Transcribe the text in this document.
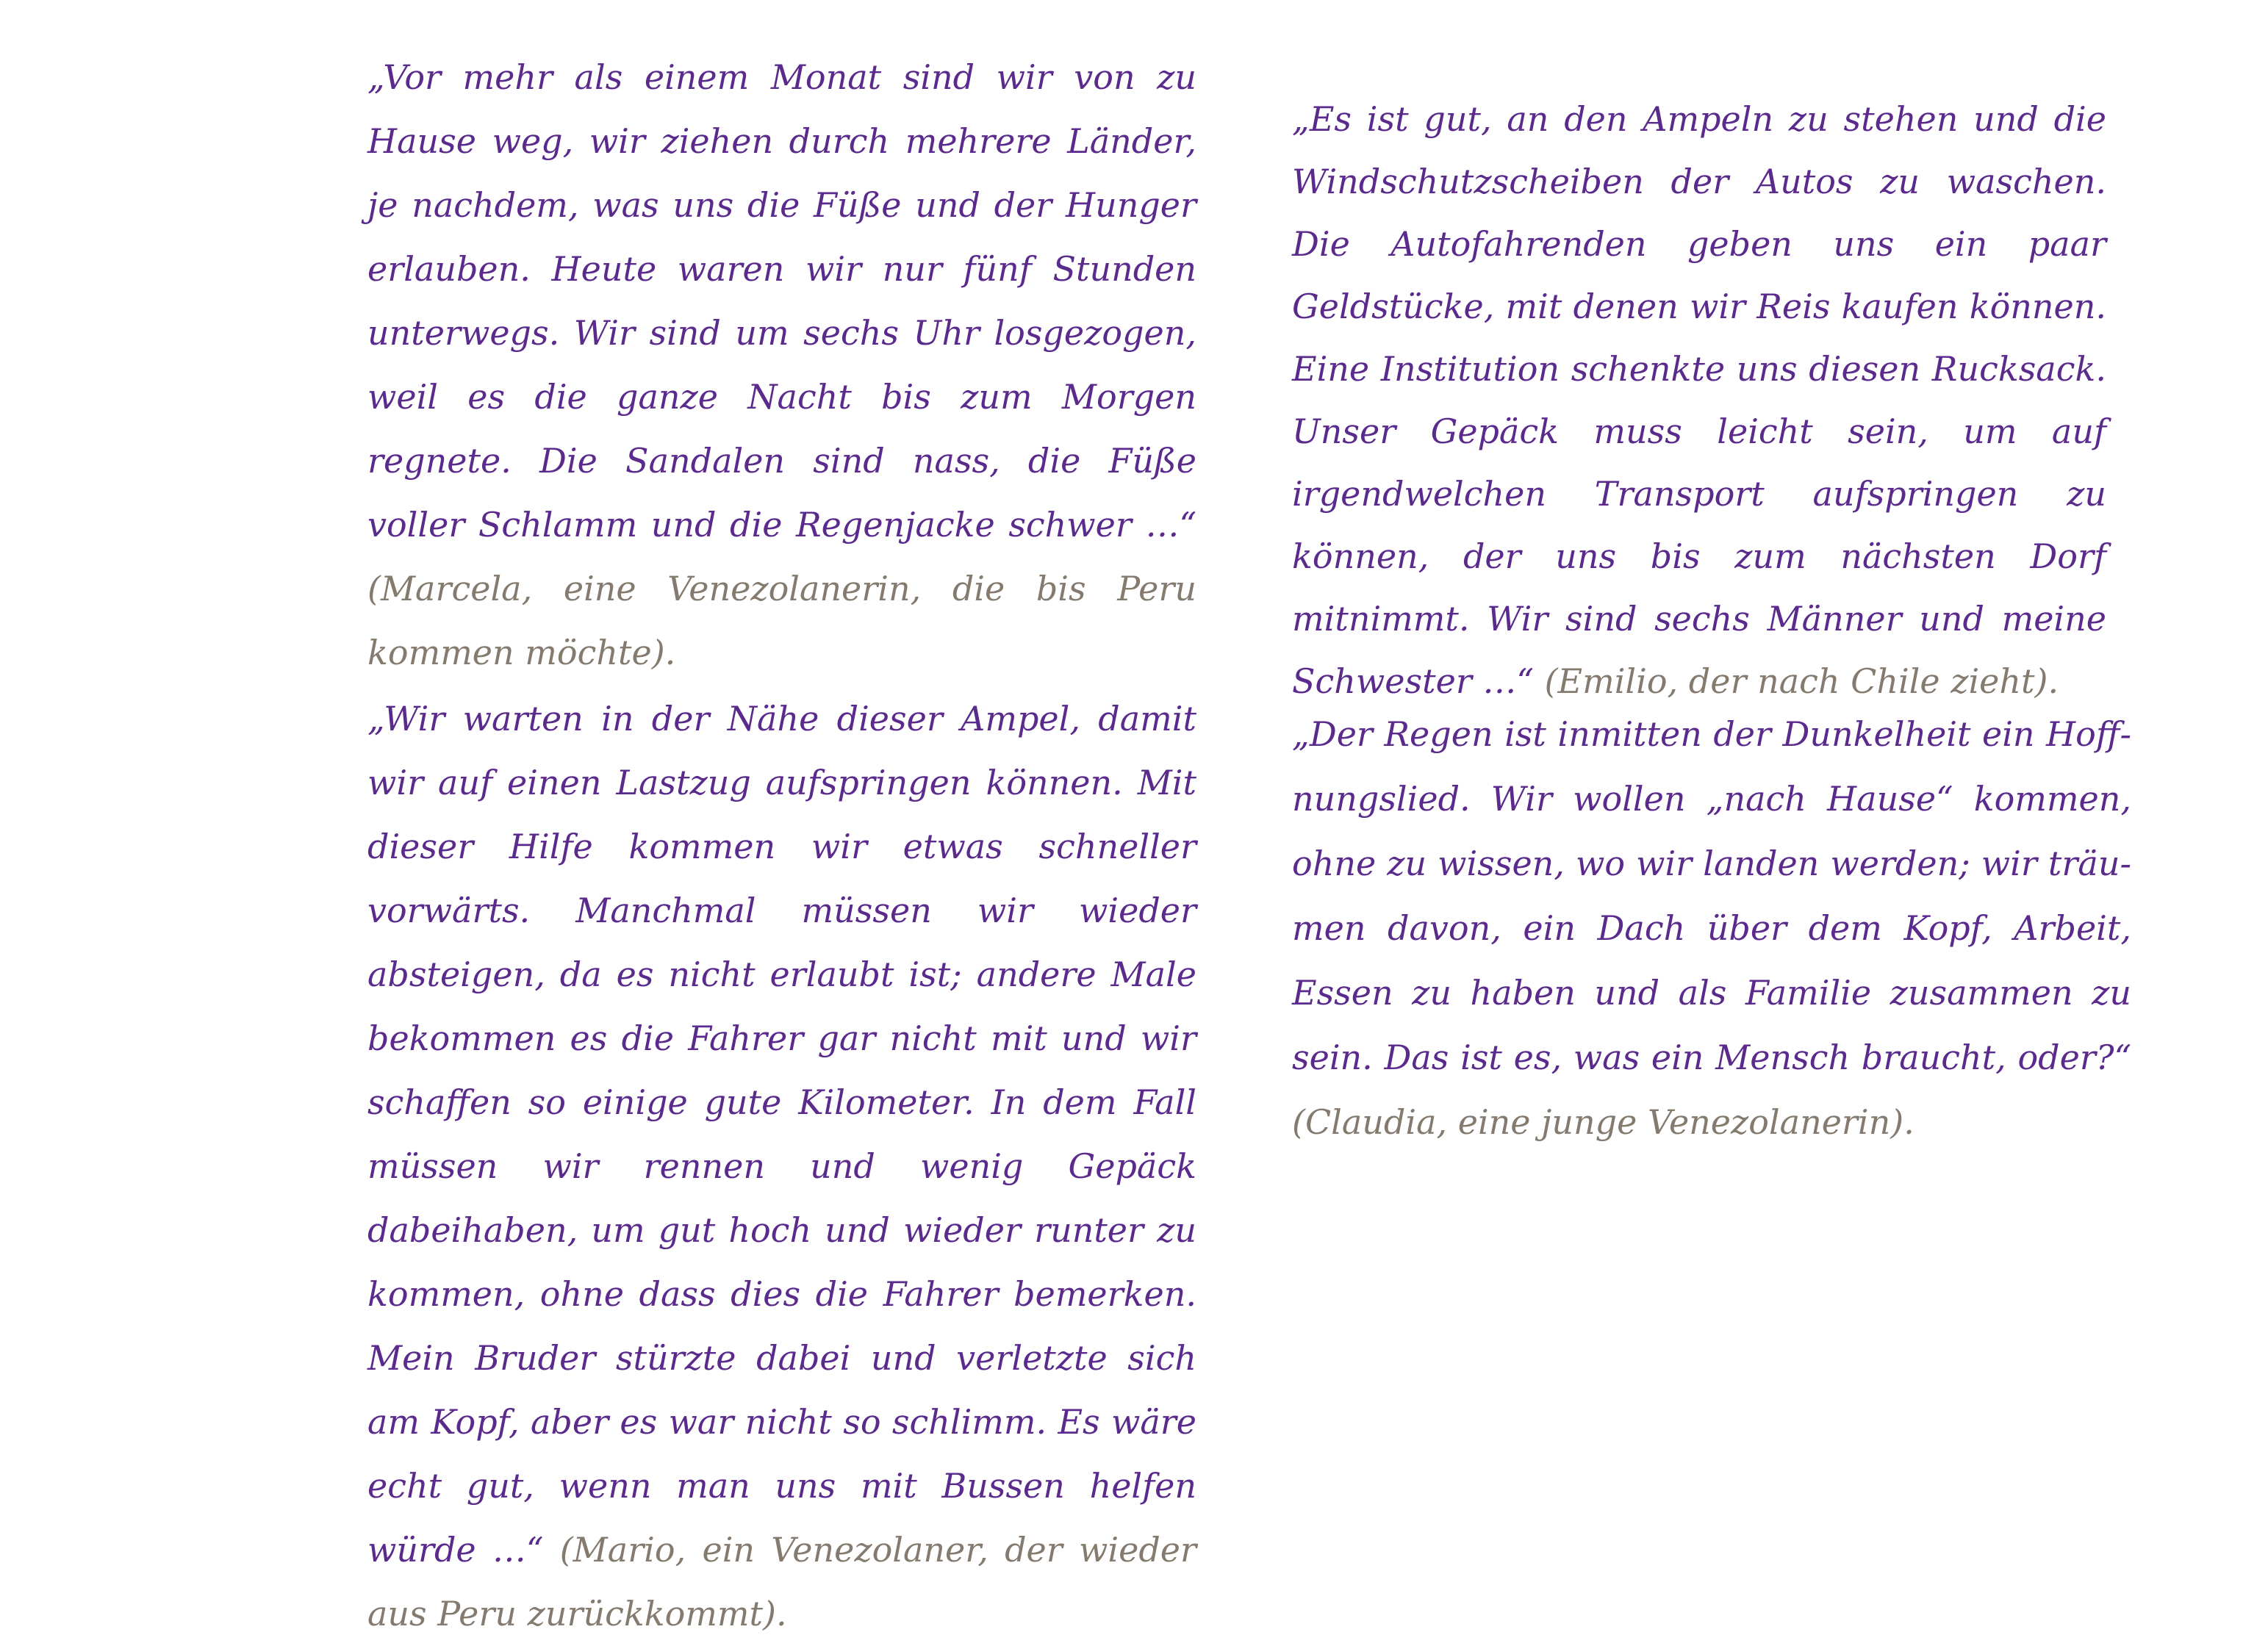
„Vor mehr als einem Monat sind wir von zu Hause weg, wir ziehen durch mehrere Länder, je nachdem, was uns die Füße und der Hunger erlauben. Heute waren wir nur fünf Stunden unterwegs. Wir sind um sechs Uhr losgezogen, weil es die ganze Nacht bis zum Morgen regnete. Die Sandalen sind nass, die Füße voller Schlamm und die Regenjacke schwer …“ (Marcela, eine Venezolanerin, die bis Peru kommen möchte).

„Wir warten in der Nähe dieser Ampel, damit wir auf einen Lastzug aufspringen können. Mit dieser Hilfe kommen wir etwas schneller vorwärts. Manchmal müssen wir wieder absteigen, da es nicht erlaubt ist; andere Male bekommen es die Fahrer gar nicht mit und wir schaffen so einige gute Kilometer. In dem Fall müssen wir rennen und wenig Gepäck dabeihaben, um gut hoch und wieder runter zu kommen, ohne dass dies die Fahrer bemerken. Mein Bruder stürzte dabei und verletzte sich am Kopf, aber es war nicht so schlimm. Es wäre echt gut, wenn man uns mit Bussen helfen würde …“ (Mario, ein Venezolaner, der wieder aus Peru zurückkommt).

„Es ist gut, an den Ampeln zu stehen und die Windschutzscheiben der Autos zu waschen. Die Autofahrenden geben uns ein paar Geldstücke, mit denen wir Reis kaufen können. Eine Institution schenkte uns diesen Rucksack. Unser Gepäck muss leicht sein, um auf irgendwelchen Transport aufspringen zu können, der uns bis zum nächsten Dorf mitnimmt. Wir sind sechs Männer und meine Schwester …“ (Emilio, der nach Chile zieht).

„Der Regen ist inmitten der Dunkelheit ein Hoffnungslied. Wir wollen „nach Hause“ kommen, ohne zu wissen, wo wir landen werden; wir träumen davon, ein Dach über dem Kopf, Arbeit, Essen zu haben und als Familie zusammen zu sein. Das ist es, was ein Mensch braucht, oder?“ (Claudia, eine junge Venezolanerin).
